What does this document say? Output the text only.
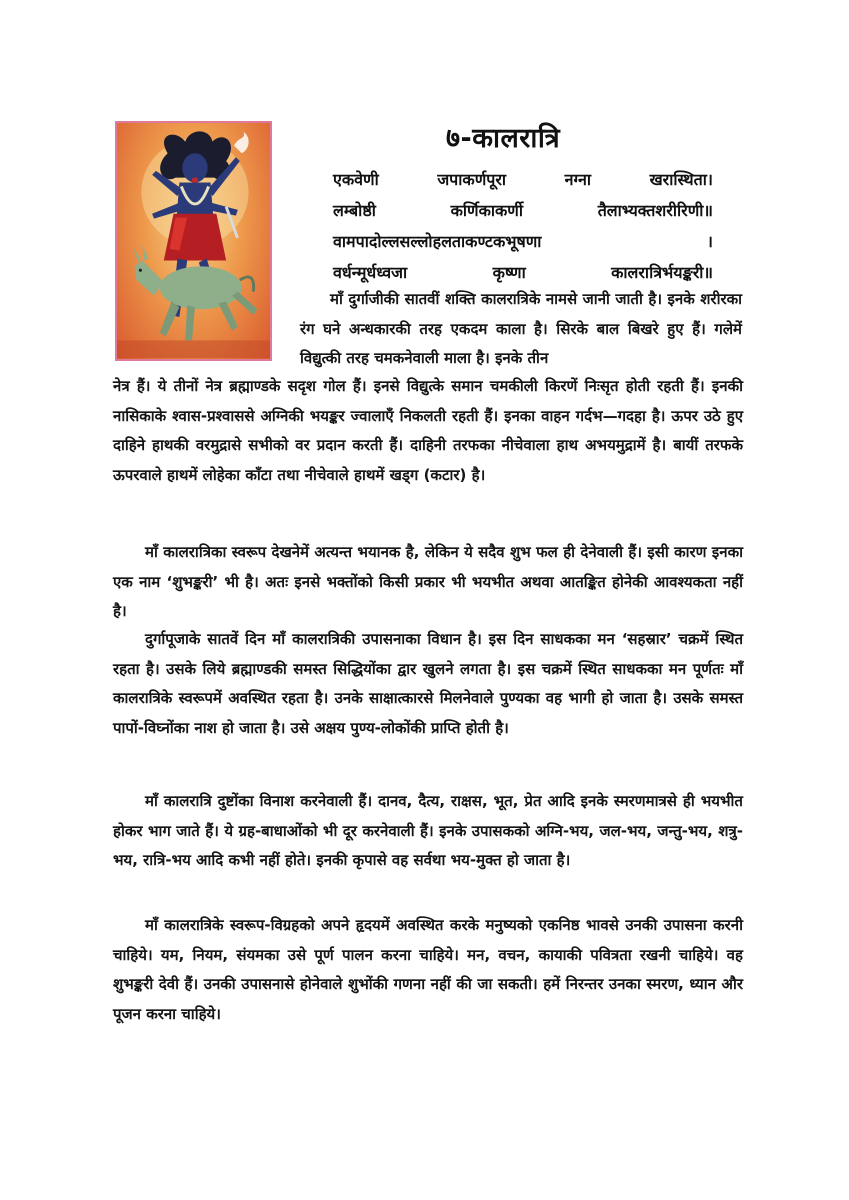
७-कालरात्रि
एकवेणी	जपाकर्णपूरा	नग्ना	खरास्थिता।
लम्बोष्ठी	कर्णिकाकर्णी	तैलाभ्यक्तशरीरिणी॥
वामपादोल्लसल्लोहलताकण्टकभूषणा	।
वर्धन्मूर्धध्वजा	कृष्णा	कालरात्रिर्भयङ्करी॥
माँ दुर्गाजीकी सातवीं शक्ति कालरात्रिके नामसे जानी जाती है। इनके शरीरका रंग घने अन्धकारकी तरह एकदम काला है। सिरके बाल बिखरे हुए हैं। गलेमें विद्युत्की तरह चमकनेवाली माला है। इनके तीन
नेत्र हैं। ये तीनों नेत्र ब्रह्माण्डके सदृश गोल हैं। इनसे विद्युत्के समान चमकीली किरणें निःसृत होती रहती हैं। इनकी नासिकाके श्वास-प्रश्वाससे अग्निकी भयङ्कर ज्वालाएँ निकलती रहती हैं। इनका वाहन गर्दभ—गदहा है। ऊपर उठे हुए दाहिने हाथकी वरमुद्रासे सभीको वर प्रदान करती हैं। दाहिनी तरफका नीचेवाला हाथ अभयमुद्रामें है। बायीं तरफके ऊपरवाले हाथमें लोहेका काँटा तथा नीचेवाले हाथमें खड्ग (कटार) है।
माँ कालरात्रिका स्वरूप देखनेमें अत्यन्त भयानक है, लेकिन ये सदैव शुभ फल ही देनेवाली हैं। इसी कारण इनका एक नाम ‘शुभङ्करी’ भी है। अतः इनसे भक्तोंको किसी प्रकार भी भयभीत अथवा आतङ्कित होनेकी आवश्यकता नहीं है।
दुर्गापूजाके सातवें दिन माँ कालरात्रिकी उपासनाका विधान है। इस दिन साधकका मन ‘सहस्रार’ चक्रमें स्थित रहता है। उसके लिये ब्रह्माण्डकी समस्त सिद्धियोंका द्वार खुलने लगता है। इस चक्रमें स्थित साधकका मन पूर्णतः माँ कालरात्रिके स्वरूपमें अवस्थित रहता है। उनके साक्षात्कारसे मिलनेवाले पुण्यका वह भागी हो जाता है। उसके समस्त पापों-विघ्नोंका नाश हो जाता है। उसे अक्षय पुण्य-लोकोंकी प्राप्ति होती है।
माँ कालरात्रि दुष्टोंका विनाश करनेवाली हैं। दानव, दैत्य, राक्षस, भूत, प्रेत आदि इनके स्मरणमात्रसे ही भयभीत होकर भाग जाते हैं। ये ग्रह-बाधाओंको भी दूर करनेवाली हैं। इनके उपासकको अग्नि-भय, जल-भय, जन्तु-भय, शत्रु-भय, रात्रि-भय आदि कभी नहीं होते। इनकी कृपासे वह सर्वथा भय-मुक्त हो जाता है।
माँ कालरात्रिके स्वरूप-विग्रहको अपने हृदयमें अवस्थित करके मनुष्यको एकनिष्ठ भावसे उनकी उपासना करनी चाहिये। यम, नियम, संयमका उसे पूर्ण पालन करना चाहिये। मन, वचन, कायाकी पवित्रता रखनी चाहिये। वह शुभङ्करी देवी हैं। उनकी उपासनासे होनेवाले शुभोंकी गणना नहीं की जा सकती। हमें निरन्तर उनका स्मरण, ध्यान और पूजन करना चाहिये।
